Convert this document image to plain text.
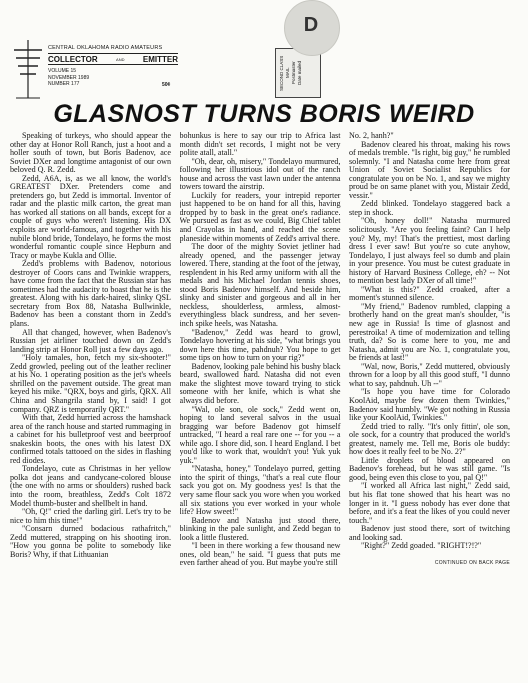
CENTRAL OKLAHOMA RADIO AMATEURS
COLLECTOR	AND EMITTER
VOLUME 15
NOVEMBER 1989
NUMBER 177	50¢	SECOND CLASS MAIL Postmaster Date mailed
D
GLASNOST TURNS BORIS WEIRD

Speaking of turkeys, who should appear the other day at Honor Roll Ranch, just a hoot and a holler south of town, but Boris Badenov, ace Soviet DXer and longtime antagonist of our own beloved Q. R. Zedd.

Zedd, A6A, is, as we all know, the world's GREATEST DXer. Pretenders come and pretenders go, but Zedd is immortal. Inventor of radar and the plastic milk carton, the great man has worked all stations on all bands, except for a couple of guys who weren't listening. His DX exploits are world-famous, and together with his nubile blond bride, Tondelayo, he forms the most wonderful romantic couple since Hepburn and Tracy or maybe Kukla and Ollie.

Zedd's problems with Badenov, notorious destroyer of Coors cans and Twinkie wrappers, have come from the fact that the Russian star has sometimes had the audacity to boast that he is the greatest. Along with his dark-haired, slinky QSL secretary from Box 88, Natasha Bullwinkle, Badenov has been a constant thorn in Zedd's plans.

All that changed, however, when Badenov's Russian jet airliner touched down on Zedd's landing strip at Honor Roll just a few days ago.

"Holy tamales, hon, fetch my six-shooter!" Zedd growled, peeling out of the leather recliner at his No. 1 operating position as the jet's wheels shrilled on the pavement outside. The great man keyed his mike. "QRX, boys and girls, QRX. All China and Shangrila stand by, I said! I got company. QRZ is temporarily QRT."

With that, Zedd hurried across the hamshack area of the ranch house and started rummaging in a cabinet for his bulletproof vest and beerproof snakeskin boots, the ones with his latest DX confirmed totals tattooed on the sides in flashing red diodes.

Tondelayo, cute as Christmas in her yellow polka dot jeans and candycane-colored blouse (the one with no arms or shoulders) rushed back into the room, breathless, Zedd's Colt 1872 Model thumb-buster and shellbelt in hand.

"Oh, Q!" cried the darling girl. Let's try to be nice to him this time!"

"Consarn durned bodacious rathafritch," Zedd muttered, strapping on his shooting iron. "How you gonna be polite to somebody like Boris? Why, if that Lithuanian

bohunkus is here to say our trip to Africa last month didn't set records, I might not be very polite atall, atall."

"Oh, dear, oh, misery," Tondelayo murmured, following her illustrious idol out of the ranch house and across the vast lawn under the antenna towers toward the airstrip.

Luckily for readers, your intrepid reporter just happened to be on hand for all this, having dropped by to bask in the great one's radiance. We pursued as fast as we could, Big Chief tablet and Crayolas in hand, and reached the scene planeside within moments of Zedd's arrival there.

The door of the mighty Soviet jetliner had already opened, and the passenger jetway lowered. There, standing at the foot of the jetway, resplendent in his Red army uniform with all the medals and his Michael Jordan tennis shoes, stood Boris Badenov himself. And beside him, slinky and sinister and gorgeous and all in her neckless, shoulderless, armless, almost-everythingless black sundress, and her seven-inch spike heels, was Natasha.

"Badenov," Zedd was heard to growl, Tondelayo hovering at his side, "what brings you down here this time, pahdnuh? You hope to get some tips on how to turn on your rig?"

Badenov, looking pale behind his bushy black beard, swallowed hard. Natasha did not even make the slightest move toward trying to stick someone with her knife, which is what she always did before.

"Wal, ole son, ole sock," Zedd went on, hoping to land several salvos in the usual bragging war before Badenov got himself untracked, "I heard a real rare one -- for you -- a while ago. I shore did, son. I heard England. I bet you'd like to work that, wouldn't you! Yuk yuk yuk."

"Natasha, honey," Tondelayo purred, getting into the spirit of things, "that's a real cute flour sack you got on. My goodness yes! Is that the very same flour sack you wore when you worked all six stations you ever worked in your whole life? How sweet!"

Badenov and Natasha just stood there, blinking in the pale sunlight, and Zedd began to look a little flustered.

"I been in there working a few thousand new ones, old bean," he said. "I guess that puts me even farther ahead of you. But maybe you're still

No. 2, hanh?"

Badenov cleared his throat, making his rows of medals tremble. "Is right, big guy," he rumbled solemnly. "I and Natasha come here from great Union of Soviet Socialist Republics for congratulate you on be No. 1, and say we mighty proud be on same planet with you, Mistair Zedd, vessir."

Zedd blinked. Tondelayo staggered back a step in shock.

"Oh, honey doll!" Natasha murmured solicitously. "Are you feeling faint? Can I help you? My, my! That's the prettiest, most darling dress I ever saw! But you're so cute anyhow, Tondelayo, I just always feel so dumb and plain in your presence. You must be cutest graduate in history of Harvard Business College, eh? -- Not to mention best lady DXer of all time!"

"What is this?" Zedd croaked, after a moment's stunned silence.

"My friend," Badenov rumbled, clapping a brotherly hand on the great man's shoulder, "is new age in Russia! Is time of glasnost and perestroika! A time of modernization and telling truth, da? So is come here to you, me and Natasha, admit you are No. 1, congratulate you, be friends at last!"

"Wal, now, Boris," Zedd muttered, obviously thrown for a loop by all this good stuff, "I dunno what to say, pahdnuh. Uh --"

"Is hope you have time for Colorado KoolAid, maybe few dozen them Twinkies," Badenov said humbly. "We got nothing in Russia like your KoolAid, Twinkies."

Zedd tried to rally. "It's only fittin', ole son, ole sock, for a country that produced the world's greatest, namely me. Tell me, Boris ole buddy: how does it really feel to be No. 2?"

Little droplets of blood appeared on Badenov's forehead, but he was still game. "Is good, being even this close to you, pal Q!"

"I worked all Africa last night," Zedd said, but his flat tone showed that his heart was no longer in it. "I guess nobody has ever done that before, and it's a feat the likes of you could never touch."

Badenov just stood there, sort of twitching and looking sad.

"Right?" Zedd goaded. "RIGHT!?!?"

CONTINUED ON BACK PAGE
